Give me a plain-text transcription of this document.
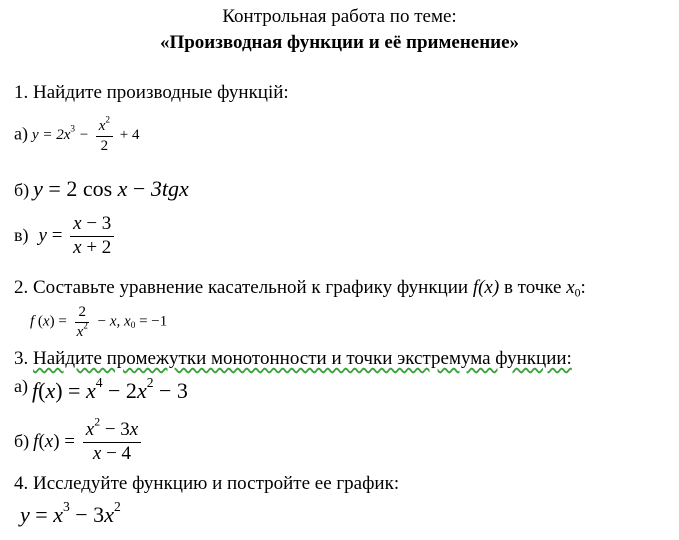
Контрольная работа по теме:
«Производная функции и её применение»
1. Найдите производные функцій:
а) $y = 2x^3 - \frac{x^2}{2} + 4$
б) y = 2 cos x − 3tgx
в) $y = \frac{x - 3}{x + 2}$
2. Составьте уравнение касательной к графику функции f(x) в точке $x_0$:
f $(x) = \frac{2}{x^2} - x$, $x_0 = -1$
3. Найдите промежутки монотонности и точки экстремума функции:
а) $f(x) = x^4 - 2x^2 - 3$
б) $f(x) = \frac{x^2 - 3x}{x - 4}$
4. Исследуйте функцию и постройте ее график:
$y = x^3 - 3x^2$
